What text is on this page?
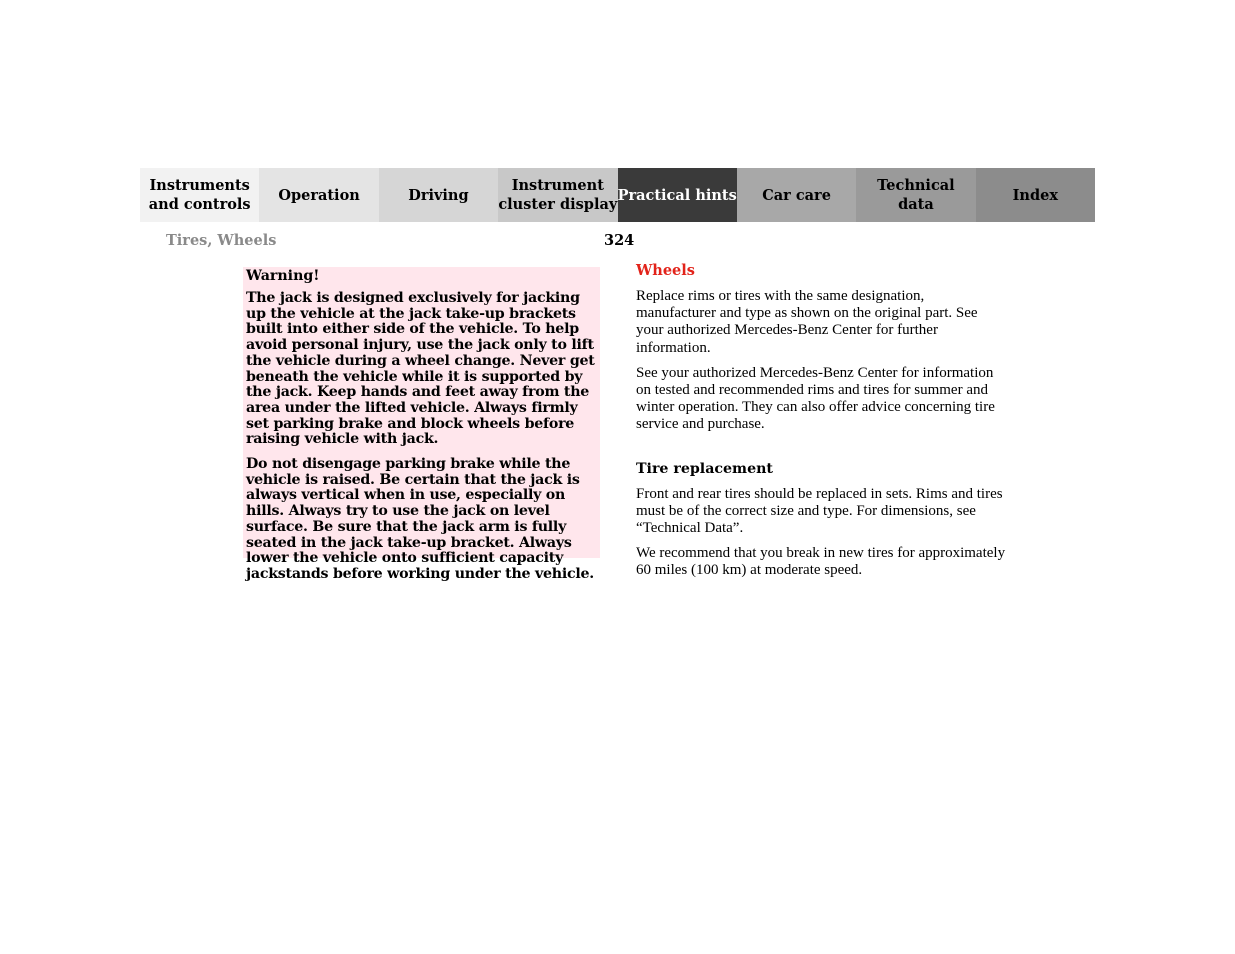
Instruments
and controls
Operation	Driving
Instrument
cluster display
Practical hints	Car care
Technical
data
Index
Tires, Wheels	324
Warning!

The jack is designed exclusively for jacking up the vehicle at the jack take-up brackets built into either side of the vehicle. To help avoid personal injury, use the jack only to lift the vehicle during a wheel change. Never get beneath the vehicle while it is supported by the jack. Keep hands and feet away from the area under the lifted vehicle. Always firmly set parking brake and block wheels before raising vehicle with jack.

Do not disengage parking brake while the vehicle is raised. Be certain that the jack is always vertical when in use, especially on hills. Always try to use the jack on level surface. Be sure that the jack arm is fully seated in the jack take-up bracket. Always lower the vehicle onto sufficient capacity jackstands before working under the vehicle.

Wheels

Replace rims or tires with the same designation, manufacturer and type as shown on the original part. See your authorized Mercedes-Benz Center for further information.

See your authorized Mercedes-Benz Center for information on tested and recommended rims and tires for summer and winter operation. They can also offer advice concerning tire service and purchase.

Tire replacement

Front and rear tires should be replaced in sets. Rims and tires must be of the correct size and type. For dimensions, see “Technical Data”.

We recommend that you break in new tires for approximately 60 miles (100 km) at moderate speed.
